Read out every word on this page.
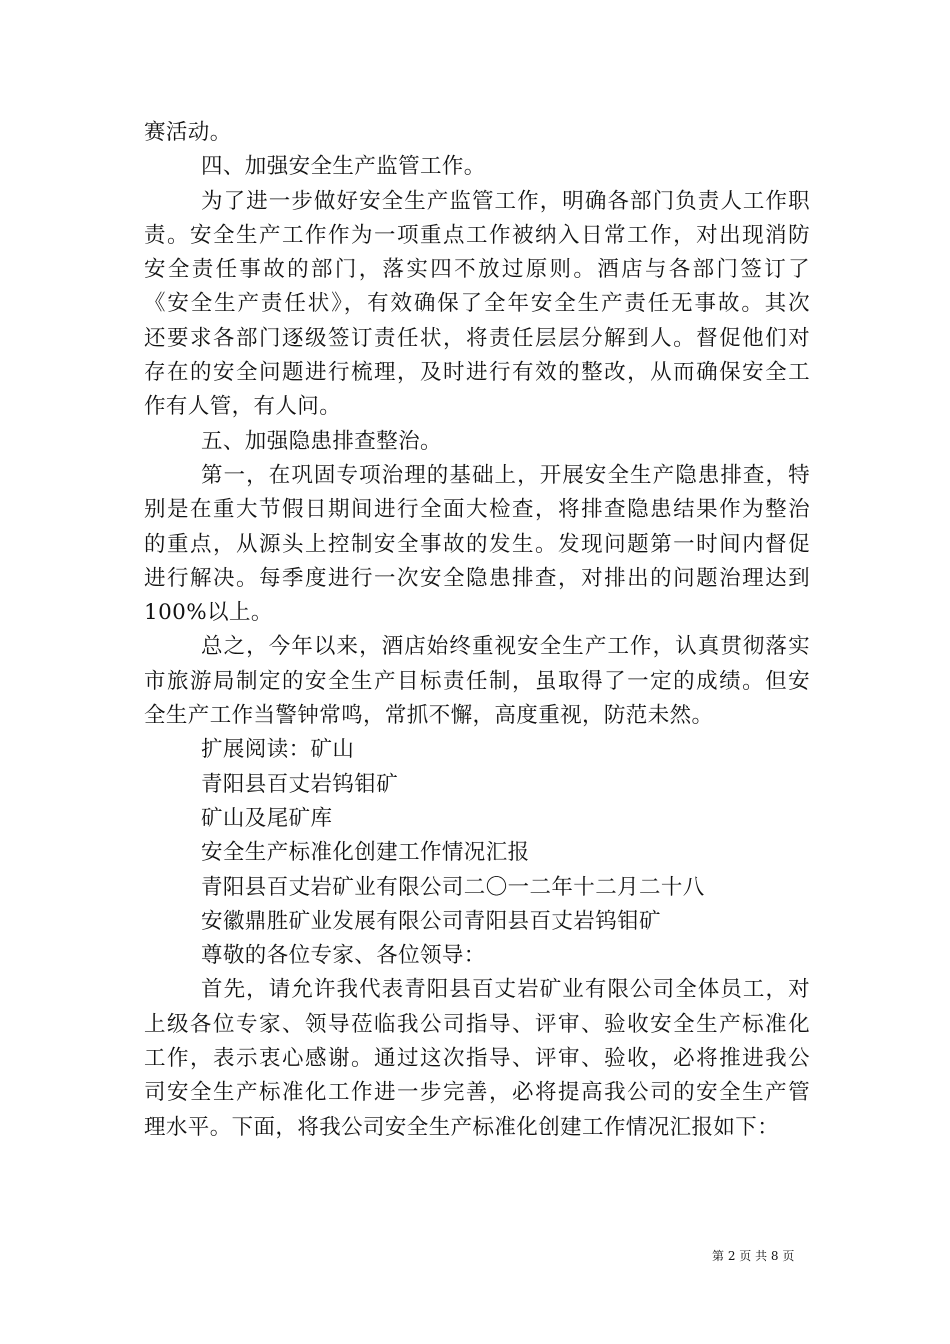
赛活动。
四、加强安全生产监管工作。
为了进一步做好安全生产监管工作，明确各部门负责人工作职
责。安全生产工作作为一项重点工作被纳入日常工作，对出现消防
安全责任事故的部门，落实四不放过原则。酒店与各部门签订了
《安全生产责任状》，有效确保了全年安全生产责任无事故。其次
还要求各部门逐级签订责任状，将责任层层分解到人。督促他们对
存在的安全问题进行梳理，及时进行有效的整改，从而确保安全工
作有人管，有人问。
五、加强隐患排查整治。
第一，在巩固专项治理的基础上，开展安全生产隐患排查，特
别是在重大节假日期间进行全面大检查，将排查隐患结果作为整治
的重点，从源头上控制安全事故的发生。发现问题第一时间内督促
进行解决。每季度进行一次安全隐患排查，对排出的问题治理达到
100%以上。
总之，今年以来，酒店始终重视安全生产工作，认真贯彻落实
市旅游局制定的安全生产目标责任制，虽取得了一定的成绩。但安
全生产工作当警钟常鸣，常抓不懈，高度重视，防范未然。
扩展阅读：矿山
青阳县百丈岩钨钼矿
矿山及尾矿库
安全生产标准化创建工作情况汇报
青阳县百丈岩矿业有限公司二〇一二年十二月二十八
安徽鼎胜矿业发展有限公司青阳县百丈岩钨钼矿
尊敬的各位专家、各位领导：
首先，请允许我代表青阳县百丈岩矿业有限公司全体员工，对
上级各位专家、领导莅临我公司指导、评审、验收安全生产标准化
工作，表示衷心感谢。通过这次指导、评审、验收，必将推进我公
司安全生产标准化工作进一步完善，必将提高我公司的安全生产管
理水平。下面，将我公司安全生产标准化创建工作情况汇报如下：
第 2 页 共 8 页
